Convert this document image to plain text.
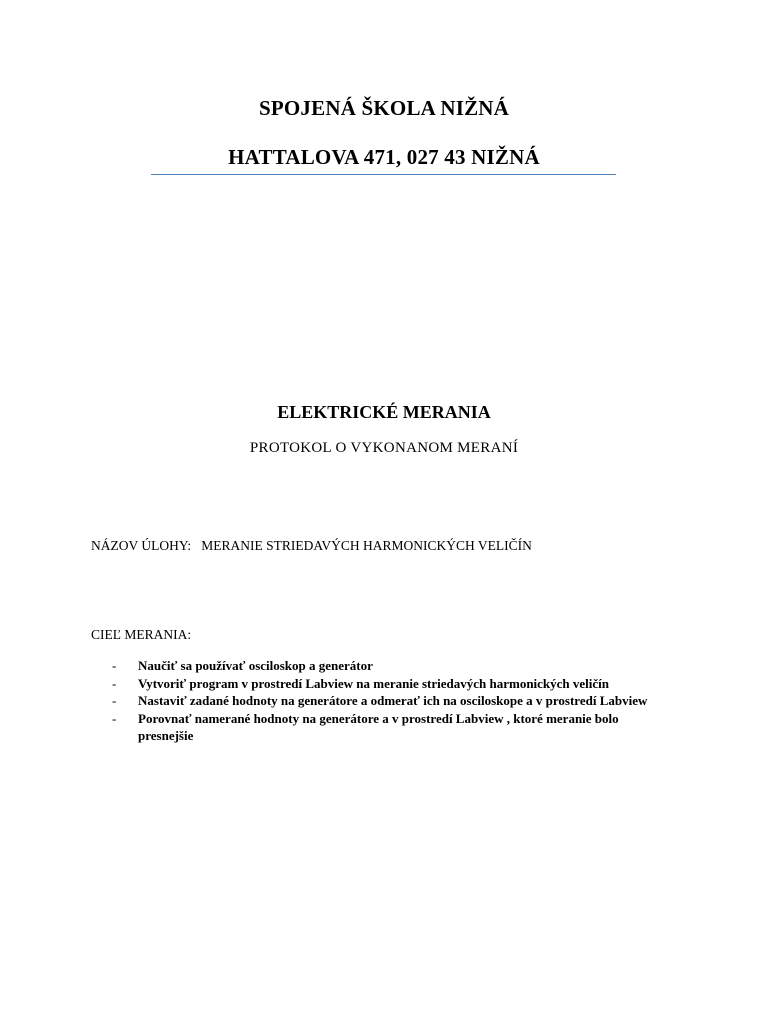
SPOJENÁ ŠKOLA NIŽNÁ
HATTALOVA 471, 027 43 NIŽNÁ
ELEKTRICKÉ MERANIA
PROTOKOL O VYKONANOM MERANÍ
NÁZOV ÚLOHY: MERANIE STRIEDAVÝCH HARMONICKÝCH VELIČÍN
CIEĽ MERANIA:
- Naučiť sa používať osciloskop a generátor
- Vytvoriť program v prostredí Labview na meranie striedavých harmonických veličín
- Nastaviť zadané hodnoty na generátore a odmerať ich na osciloskope a v prostredí Labview
- Porovnať namerané hodnoty na generátore a v prostredí Labview , ktoré meranie bolo presnejšie
